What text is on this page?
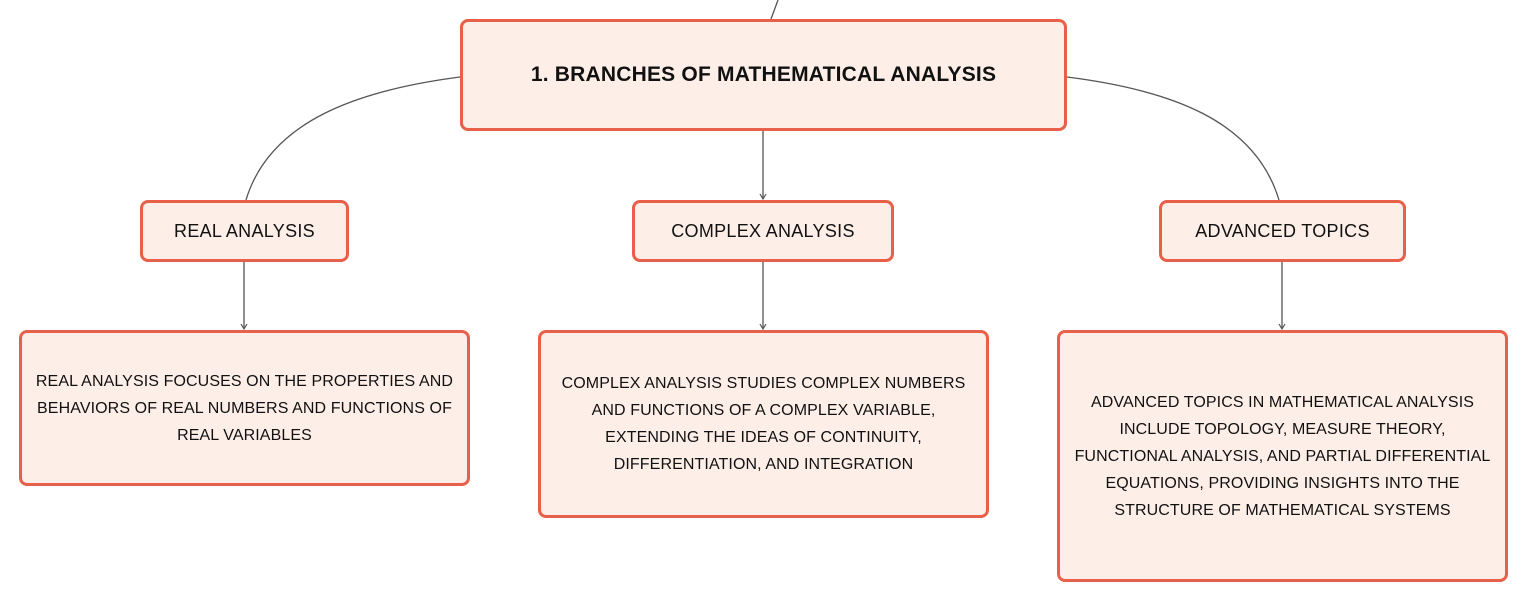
1. BRANCHES OF MATHEMATICAL ANALYSIS
REAL ANALYSIS	COMPLEX ANALYSIS	ADVANCED TOPICS
REAL ANALYSIS FOCUSES ON THE PROPERTIES AND BEHAVIORS OF REAL NUMBERS AND FUNCTIONS OF REAL VARIABLES
COMPLEX ANALYSIS STUDIES COMPLEX NUMBERS AND FUNCTIONS OF A COMPLEX VARIABLE, EXTENDING THE IDEAS OF CONTINUITY, DIFFERENTIATION, AND INTEGRATION
ADVANCED TOPICS IN MATHEMATICAL ANALYSIS INCLUDE TOPOLOGY, MEASURE THEORY, FUNCTIONAL ANALYSIS, AND PARTIAL DIFFERENTIAL EQUATIONS, PROVIDING INSIGHTS INTO THE STRUCTURE OF MATHEMATICAL SYSTEMS
